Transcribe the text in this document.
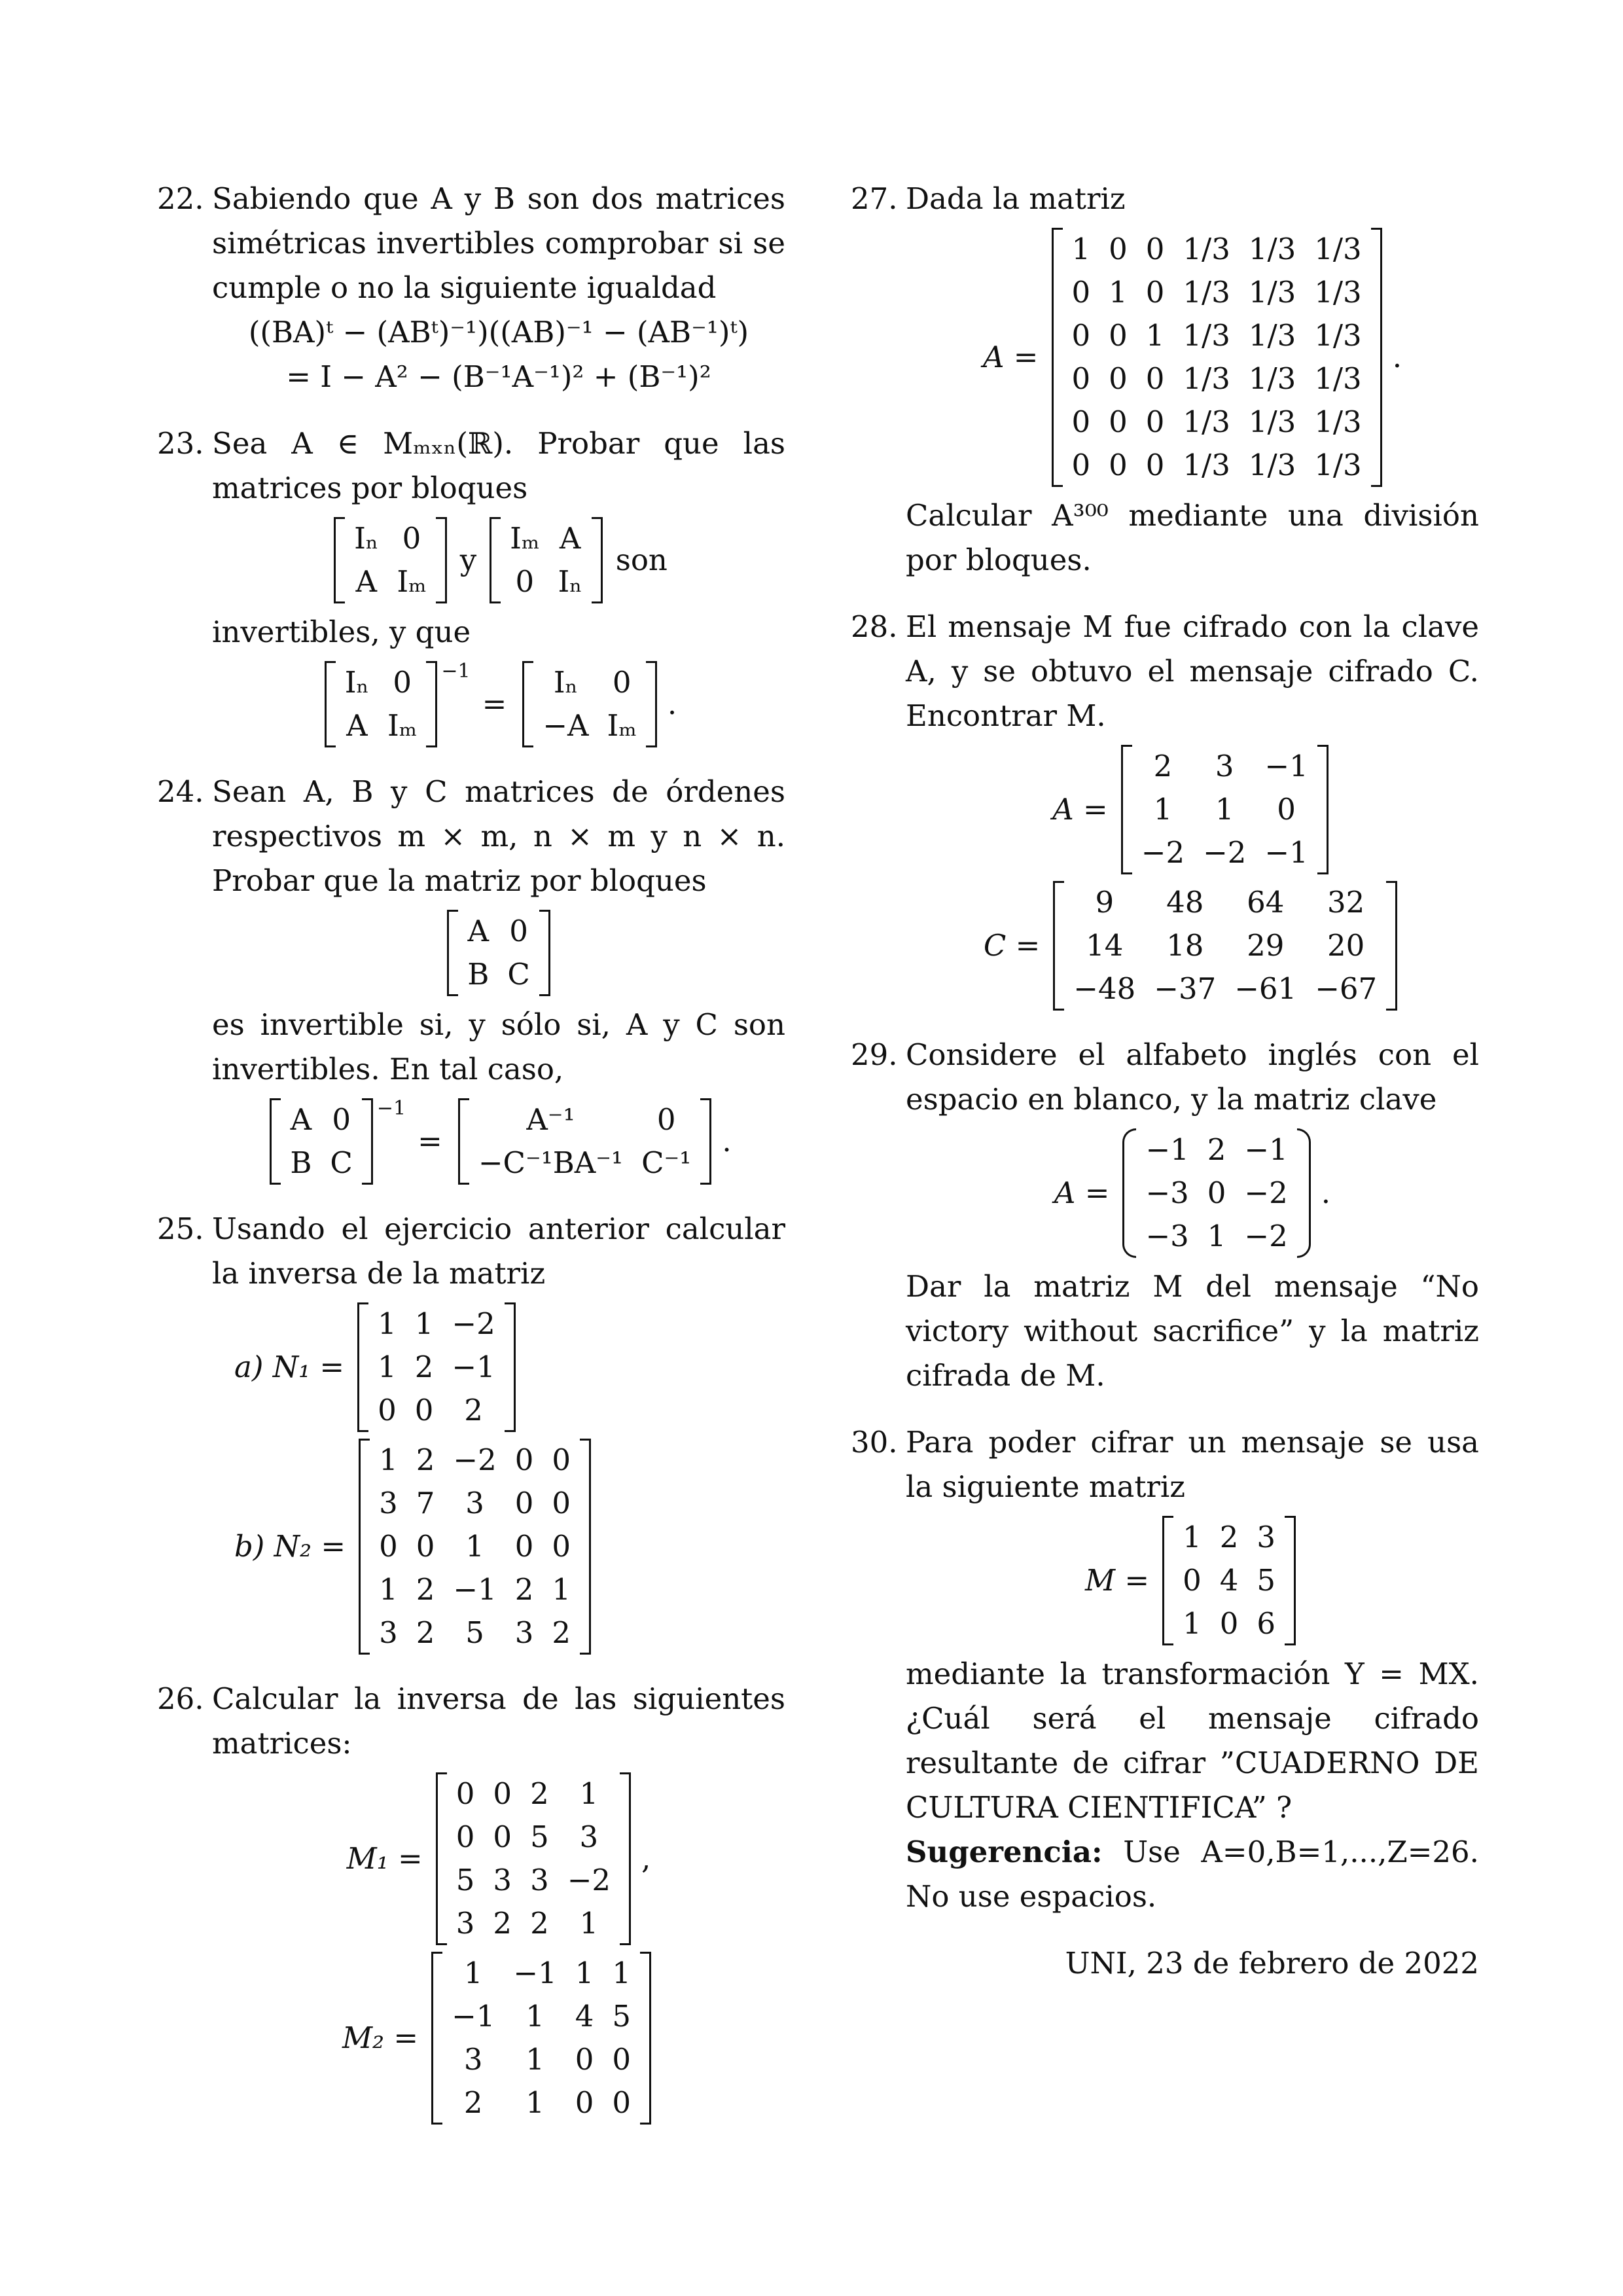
22. Sabiendo que A y B son dos matrices simétricas invertibles comprobar si se cumple o no la siguiente igualdad

((BA)ᵗ − (ABᵗ)⁻¹)((AB)⁻¹ − (AB⁻¹)ᵗ)
= I − A² − (B⁻¹A⁻¹)² + (B⁻¹)²
23. Sea A ∈ Mₘₓₙ(ℝ). Probar que las matrices por bloques

Iₙ	0
A	Iₘ
y
Iₘ	A
0	Iₙ
son

invertibles, y que

Iₙ	0
A	Iₘ
−1
=
Iₙ	0
−A	Iₘ
.
24. Sean A, B y C matrices de órdenes respectivos m × m, n × m y n × n. Probar que la matriz por bloques

A	0
B	C

es invertible si, y sólo si, A y C son invertibles. En tal caso,

A	0
B	C
−1
=
A⁻¹	0
−C⁻¹BA⁻¹	C⁻¹
.
25. Usando el ejercicio anterior calcular la inversa de la matriz

a) N₁ =
1	1	−2
1	2	−1
0	0	2
b) N₂ =
1	2	−2	0	0
3	7	3	0	0
0	0	1	0	0
1	2	−1	2	1
3	2	5	3	2
26. Calcular la inversa de las siguientes matrices:

M₁ =
0	0	2	1
0	0	5	3
5	3	3	−2
3	2	2	1
,
M₂ =
1	−1	1	1
−1	1	4	5
3	1	0	0
2	1	0	0
27. Dada la matriz

A =
1	0	0	1/3	1/3	1/3
0	1	0	1/3	1/3	1/3
0	0	1	1/3	1/3	1/3
0	0	0	1/3	1/3	1/3
0	0	0	1/3	1/3	1/3
0	0	0	1/3	1/3	1/3
.

Calcular A³⁰⁰ mediante una división por bloques.

28. El mensaje M fue cifrado con la clave A, y se obtuvo el mensaje cifrado C. Encontrar M.

A =
2	3	−1
1	1	0
−2	−2	−1
C =
9	48	64	32
14	18	29	20
−48	−37	−61	−67
29. Considere el alfabeto inglés con el espacio en blanco, y la matriz clave

A =
−1	2	−1
−3	0	−2
−3	1	−2
.

Dar la matriz M del mensaje “No victory without sacrifice” y la matriz cifrada de M.

30. Para poder cifrar un mensaje se usa la siguiente matriz

M =
1	2	3
0	4	5
1	0	6

mediante la transformación Y = MX. ¿Cuál será el mensaje cifrado resultante de cifrar ”CUADERNO DE CULTURA CIENTIFICA” ?

Sugerencia: Use A=0,B=1,...,Z=26. No use espacios.

UNI, 23 de febrero de 2022
